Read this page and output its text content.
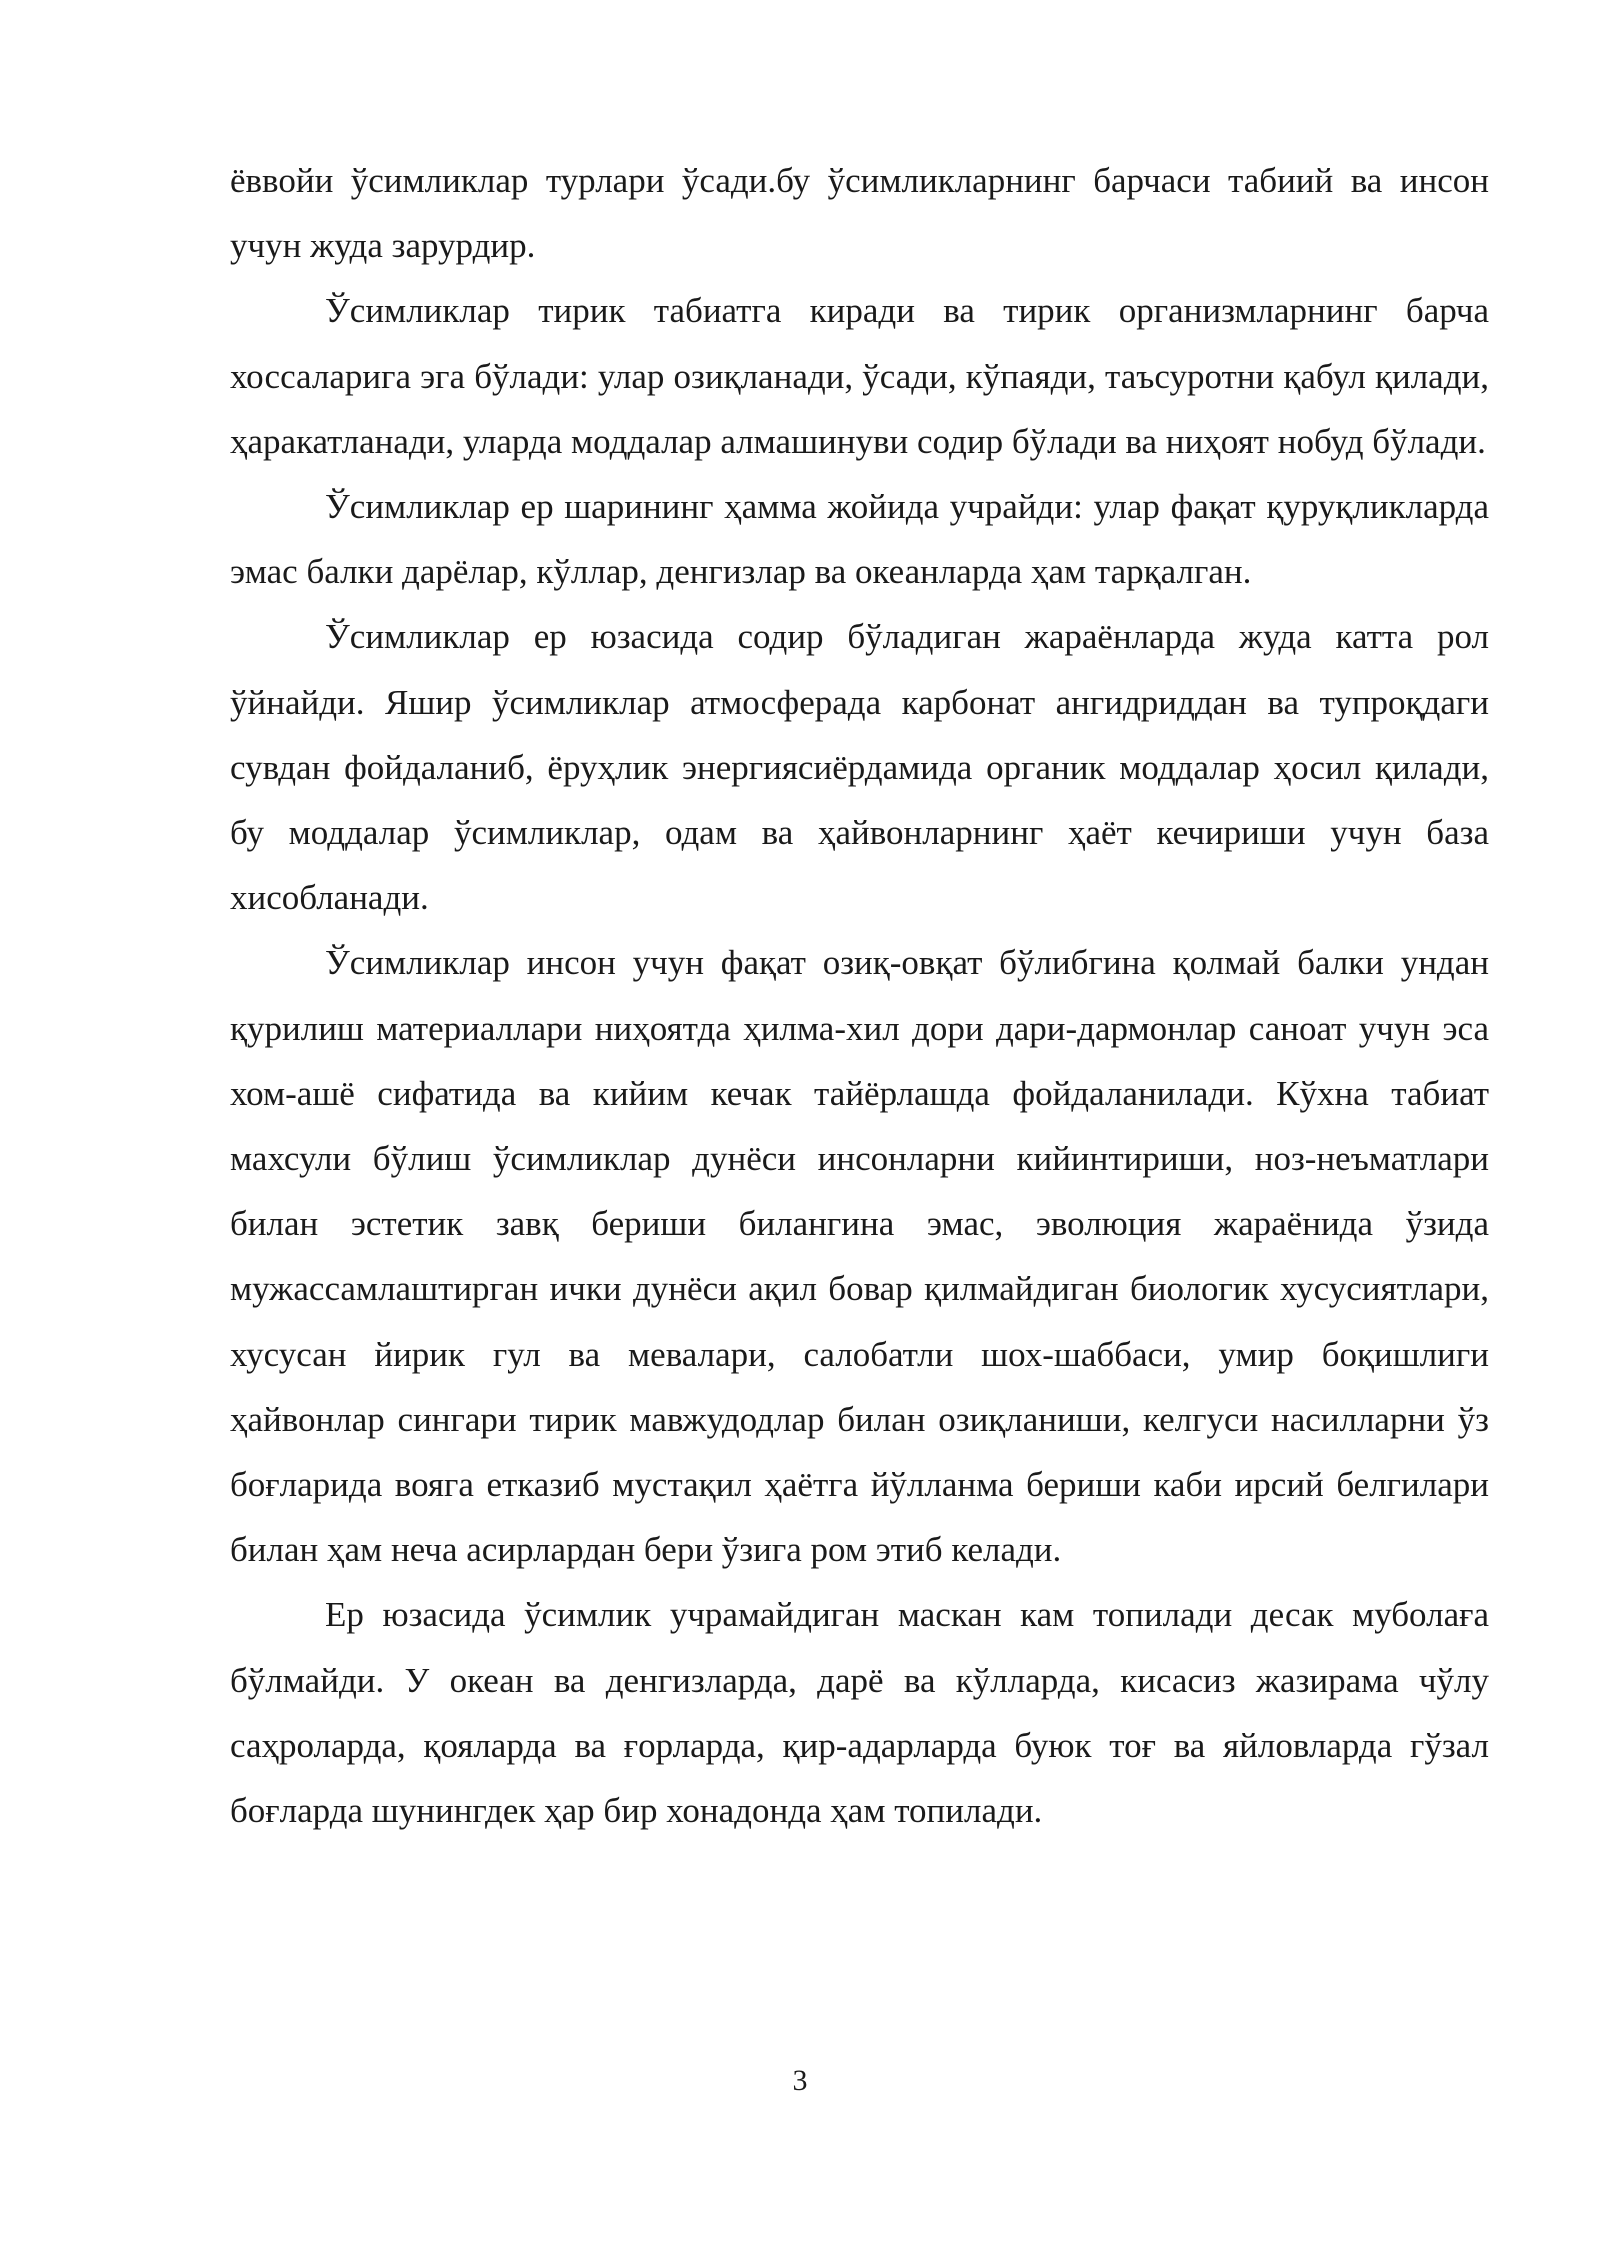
ёввойи ўсимликлар турлари ўсади.бу ўсимликларнинг барчаси табиий ва инсон учун жуда зарурдир.

Ўсимликлар тирик табиатга киради ва тирик организмларнинг барча хоссаларига эга бўлади: улар озиқланади, ўсади, кўпаяди, таъсуротни қабул қилади, ҳаракатланади, уларда моддалар алмашинуви содир бўлади ва ниҳоят нобуд бўлади.

Ўсимликлар ер шарининг ҳамма жойида учрайди: улар фақат қуруқликларда эмас балки дарёлар, кўллар, денгизлар ва океанларда ҳам тарқалган.

Ўсимликлар ер юзасида содир бўладиган жараёнларда жуда катта рол ўйнайди. Яшир ўсимликлар атмосферада карбонат ангидриддан ва тупроқдаги сувдан фойдаланиб, ёруҳлик энергиясиёрдамида органик моддалар ҳосил қилади, бу моддалар ўсимликлар, одам ва ҳайвонларнинг ҳаёт кечириши учун база хисобланади.

Ўсимликлар инсон учун фақат озиқ-овқат бўлибгина қолмай балки ундан қурилиш материаллари ниҳоятда ҳилма-хил дори дари-дармонлар саноат учун эса хом-ашё сифатида ва кийим кечак тайёрлашда фойдаланилади. Кўхна табиат махсули бўлиш ўсимликлар дунёси инсонларни кийинтириши, ноз-неъматлари билан эстетик завқ бериши билангина эмас, эволюция жараёнида ўзида мужассамлаштирган ички дунёси ақил бовар қилмайдиган биологик хусусиятлари, хусусан йирик гул ва мевалари, салобатли шох-шаббаси, умир боқишлиги ҳайвонлар сингари тирик мавжудодлар билан озиқланиши, келгуси насилларни ўз боғларида вояга етказиб мустақил ҳаётга йўлланма бериши каби ирсий белгилари билан ҳам неча асирлардан бери ўзига ром этиб келади.

Ер юзасида ўсимлик учрамайдиган маскан кам топилади десак муболаға бўлмайди. У океан ва денгизларда, дарё ва кўлларда, кисасиз жазирама чўлу саҳроларда, қояларда ва ғорларда, қир-адарларда буюк тоғ ва яйловларда гўзал боғларда шунингдек ҳар бир хонадонда ҳам топилади.

3
